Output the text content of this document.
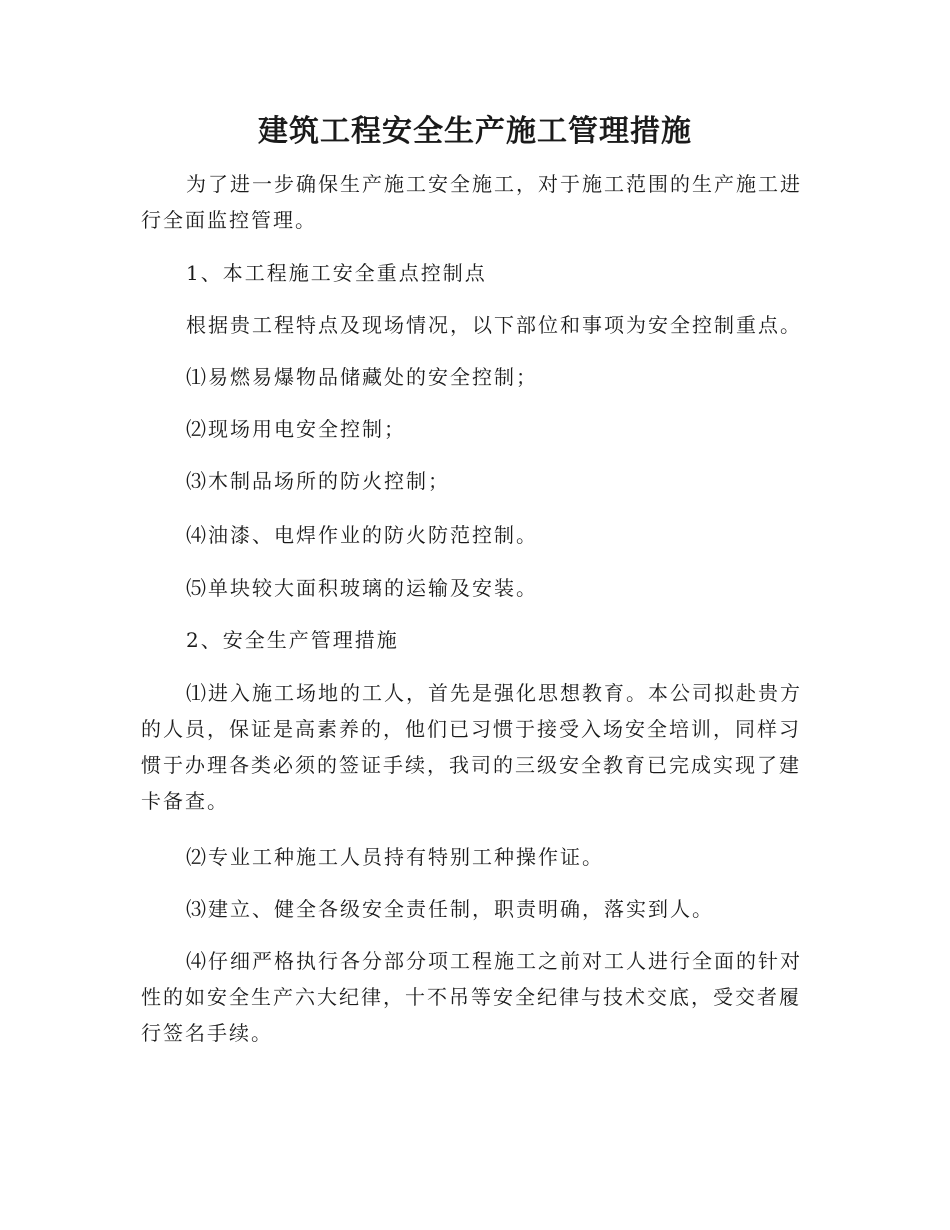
建筑工程安全生产施工管理措施

为了进一步确保生产施工安全施工，对于施工范围的生产施工进行全面监控管理。

1、本工程施工安全重点控制点

根据贵工程特点及现场情况，以下部位和事项为安全控制重点。

⑴易燃易爆物品储藏处的安全控制；

⑵现场用电安全控制；

⑶木制品场所的防火控制；

⑷油漆、电焊作业的防火防范控制。

⑸单块较大面积玻璃的运输及安装。

2、安全生产管理措施

⑴进入施工场地的工人，首先是强化思想教育。本公司拟赴贵方的人员，保证是高素养的，他们已习惯于接受入场安全培训，同样习惯于办理各类必须的签证手续，我司的三级安全教育已完成实现了建卡备查。

⑵专业工种施工人员持有特别工种操作证。

⑶建立、健全各级安全责任制，职责明确，落实到人。

⑷仔细严格执行各分部分项工程施工之前对工人进行全面的针对性的如安全生产六大纪律，十不吊等安全纪律与技术交底，受交者履行签名手续。
